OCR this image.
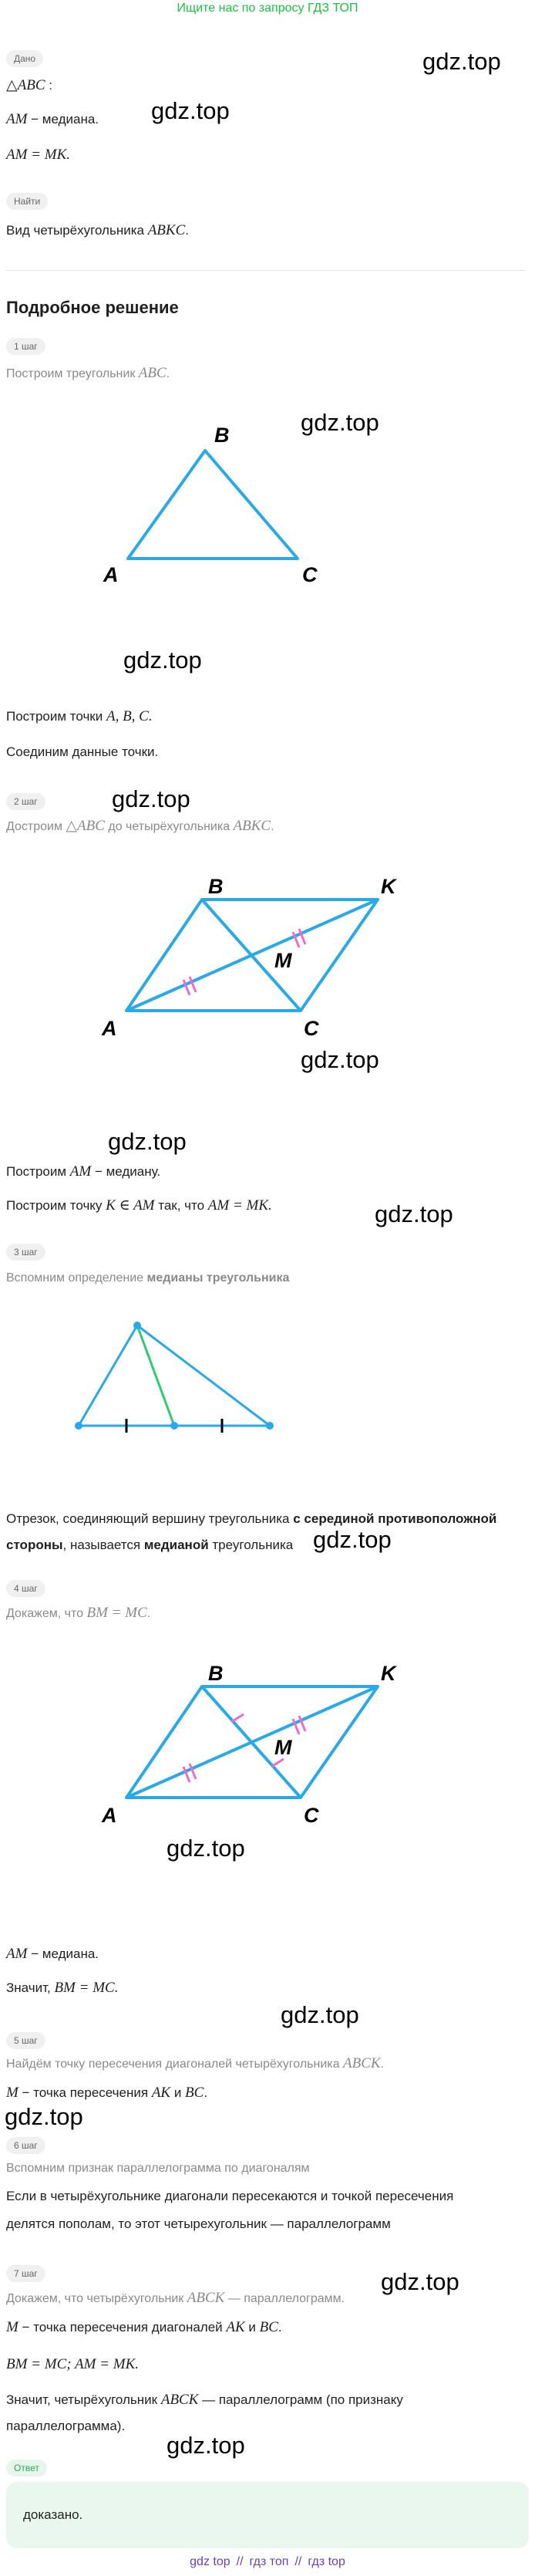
Ищите нас по запросу ГДЗ ТОП
Дано
△ABC :
AM − медиана.
AM = MK.
gdz.top
gdz.top
Найти
Вид четырёхугольника ABKC.
Подробное решение
1 шаг
Построим треугольник ABC.
A
B
C
gdz.top
gdz.top
Построим точки A, B, C.
Соединим данные точки.
2 шаг	gdz.top
Достроим △ABC до четырёхугольника ABKC.
A
B
C
K
M
gdz.top
gdz.top
Построим AM − медиану.
Построим точку K ∈ AM так, что AM = MK.	gdz.top
3 шаг
Вспомним определение медианы треугольника
Отрезок, соединяющий вершину треугольника с серединой противоположной
стороны, называется медианой треугольника gdz.top
4 шаг
Докажем, что BM = MC.
A
B
C
K
M
gdz.top
AM − медиана.
Значит, BM = MC.
gdz.top
5 шаг
Найдём точку пересечения диагоналей четырёхугольника ABCK.
M − точка пересечения AK и BC.
gdz.top
6 шаг
Вспомним признак параллелограмма по диагоналям
Если в четырёхугольнике диагонали пересекаются и точкой пересечения
делятся пополам, то этот четырехугольник — параллелограмм
7 шаг	gdz.top
Докажем, что четырёхугольник ABCK — параллелограмм.
M − точка пересечения диагоналей AK и BC.
BM = MC; AM = MK.
Значит, четырёхугольник ABCK — параллелограмм (по признаку
параллелограмма).
gdz.top
Ответ
доказано.
gdz top // гдз топ // гдз top
